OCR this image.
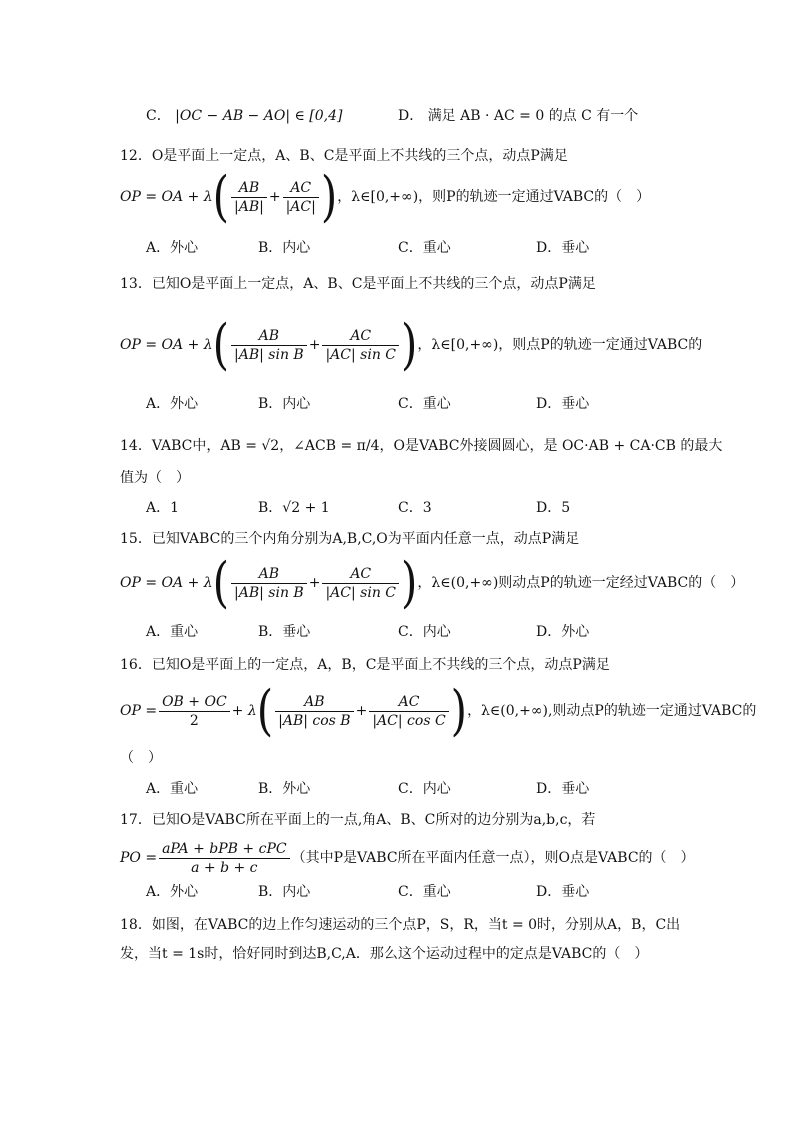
C． |OC − AB − AO| ∈ [0,4]	D． 满足 AB · AC = 0 的点 C 有一个
12．O是平面上一定点，A、B、C是平面上不共线的三个点，动点P满足
OP = OA + λ ( $\frac{AB}{|AB|} + \frac{AC}{|AC|}$ ) ，λ∈[0,+∞)，则P的轨迹一定通过VABC的（　）
A．外心	B．内心	C．重心	D．垂心
13．已知O是平面上一定点，A、B、C是平面上不共线的三个点，动点P满足
OP = OA + λ ( $\frac{AB}{\text{|AB| sin B}} + \frac{AC}{\text{|AC| sin C}}$ ) ，λ∈[0,+∞)，则点P的轨迹一定通过VABC的
A．外心	B．内心	C．重心	D．垂心
14．VABC中，AB = √2，∠ACB = π/4，O是VABC外接圆圆心，是 OC·AB + CA·CB 的最大
值为（　）
A．1	B．√2 + 1	C．3	D．5
15．已知VABC的三个内角分别为A,B,C,O为平面内任意一点，动点P满足
OP = OA + λ ( $\frac{AB}{\text{|AB| sin B}} + \frac{AC}{\text{|AC| sin C}}$ ) ，λ∈(0,+∞)则动点P的轨迹一定经过VABC的（　）
A．重心	B．垂心	C．内心	D．外心
16．已知O是平面上的一定点，A，B，C是平面上不共线的三个点，动点P满足
OP = $\frac{OB + OC}{2} + \lambda$ ( $\frac{AB}{\text{|AB| cos B}} + \frac{AC}{\text{|AC| cos C}}$ ) ，λ∈(0,+∞),则动点P的轨迹一定通过VABC的
（　）
A．重心	B．外心	C．内心	D．垂心
17．已知O是VABC所在平面上的一点,角A、B、C所对的边分别为a,b,c，若
PO = $\frac{\text{aPA + bPB + cPC}}{a + b + c}$ （其中P是VABC所在平面内任意一点），则O点是VABC的（　）
A．外心	B．内心	C．重心	D．垂心
18．如图，在VABC的边上作匀速运动的三个点P，S，R，当t = 0时，分别从A，B，C出
发，当t = 1s时，恰好同时到达B,C,A．那么这个运动过程中的定点是VABC的（　）
